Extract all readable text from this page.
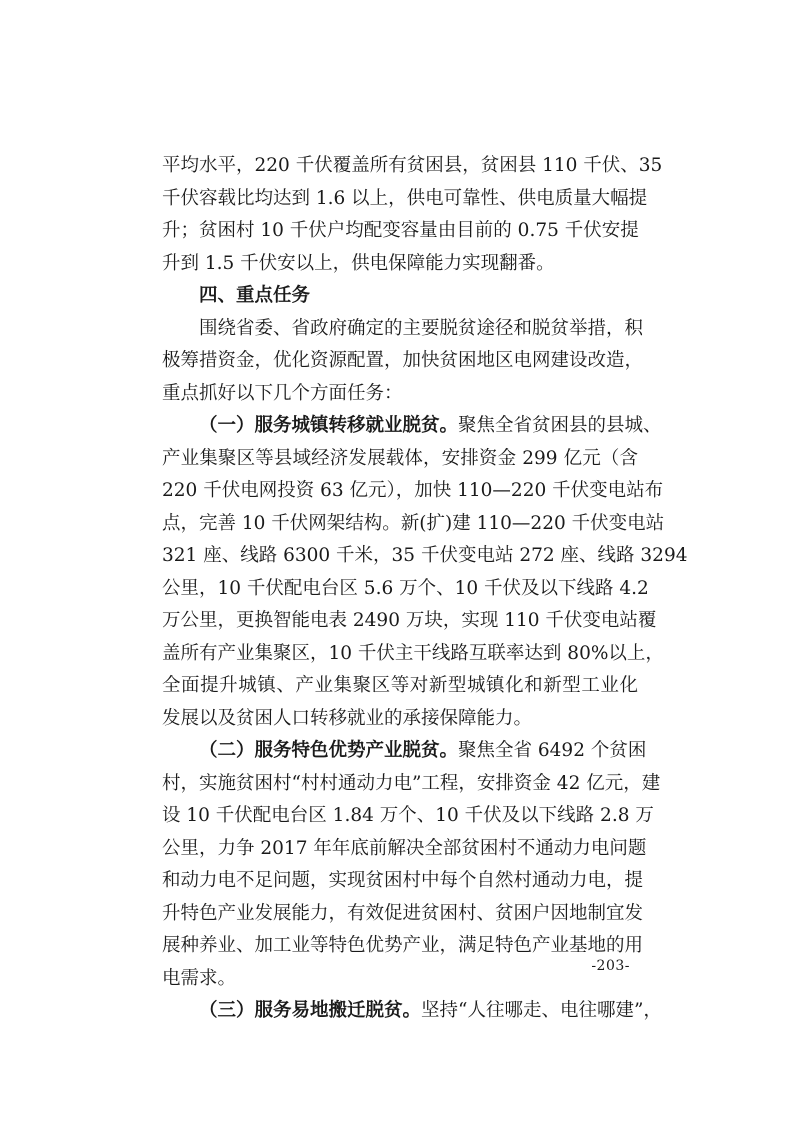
平均水平，220 千伏覆盖所有贫困县，贫困县 110 千伏、35
千伏容载比均达到 1.6 以上，供电可靠性、供电质量大幅提
升；贫困村 10 千伏户均配变容量由目前的 0.75 千伏安提
升到 1.5 千伏安以上，供电保障能力实现翻番。
四、重点任务
围绕省委、省政府确定的主要脱贫途径和脱贫举措，积
极筹措资金，优化资源配置，加快贫困地区电网建设改造，
重点抓好以下几个方面任务：
（一）服务城镇转移就业脱贫。聚焦全省贫困县的县城、
产业集聚区等县域经济发展载体，安排资金 299 亿元（含
220 千伏电网投资 63 亿元），加快 110—220 千伏变电站布
点，完善 10 千伏网架结构。新(扩)建 110—220 千伏变电站
321 座、线路 6300 千米，35 千伏变电站 272 座、线路 3294
公里，10 千伏配电台区 5.6 万个、10 千伏及以下线路 4.2
万公里，更换智能电表 2490 万块，实现 110 千伏变电站覆
盖所有产业集聚区，10 千伏主干线路互联率达到 80%以上，
全面提升城镇、产业集聚区等对新型城镇化和新型工业化
发展以及贫困人口转移就业的承接保障能力。
（二）服务特色优势产业脱贫。聚焦全省 6492 个贫困
村，实施贫困村“村村通动力电”工程，安排资金 42 亿元，建
设 10 千伏配电台区 1.84 万个、10 千伏及以下线路 2.8 万
公里，力争 2017 年年底前解决全部贫困村不通动力电问题
和动力电不足问题，实现贫困村中每个自然村通动力电，提
升特色产业发展能力，有效促进贫困村、贫困户因地制宜发
展种养业、加工业等特色优势产业，满足特色产业基地的用
电需求。
（三）服务易地搬迁脱贫。坚持“人往哪走、电往哪建”，
-203-
